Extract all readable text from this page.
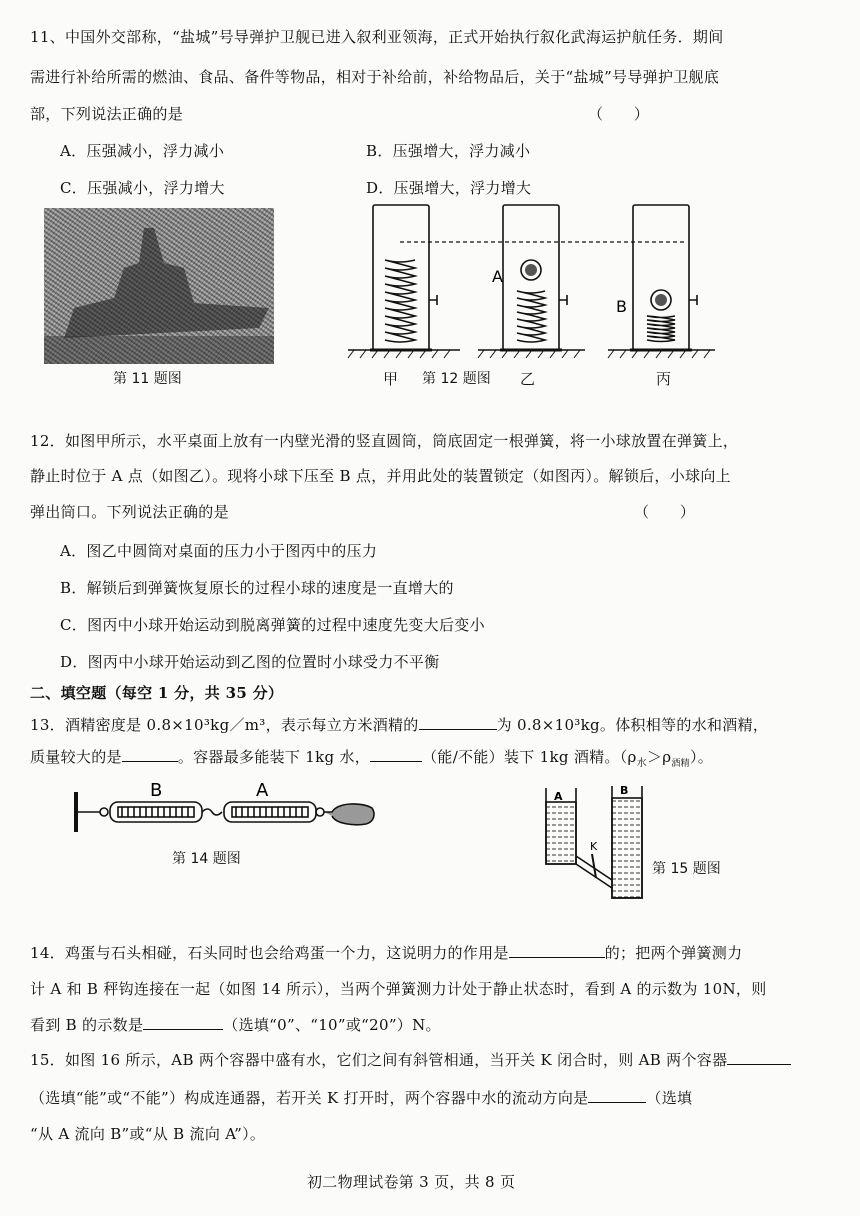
11、中国外交部称，“盐城”号导弹护卫舰已进入叙利亚领海，正式开始执行叙化武海运护航任务．期间
需进行补给所需的燃油、食品、备件等物品，相对于补给前，补给物品后，关于“盐城”号导弹护卫舰底
部，下列说法正确的是	（　　）
A．压强减小，浮力减小	B．压强增大，浮力减小
C．压强减小，浮力增大	D．压强增大，浮力增大
第 11 题图
A
B
甲 第 12 题图 乙	丙
12．如图甲所示，水平桌面上放有一内壁光滑的竖直圆筒，筒底固定一根弹簧，将一小球放置在弹簧上，
静止时位于 A 点（如图乙）。现将小球下压至 B 点，并用此处的装置锁定（如图丙）。解锁后，小球向上
弹出筒口。下列说法正确的是	（　　）
A．图乙中圆筒对桌面的压力小于图丙中的压力
B．解锁后到弹簧恢复原长的过程小球的速度是一直增大的
C．图丙中小球开始运动到脱离弹簧的过程中速度先变大后变小
D．图丙中小球开始运动到乙图的位置时小球受力不平衡
二、填空题（每空 1 分，共 35 分）
13．酒精密度是 0.8×10³kg／m³，表示每立方米酒精的	为 0.8×10³kg。体积相等的水和酒精，
质量较大的是	。容器最多能装下 1kg 水，	（能/不能）装下 1kg 酒精。$(\rho_水>\rho_{酒精})$。
B	A
第 14 题图
A	B
K
第 15 题图
14．鸡蛋与石头相碰，石头同时也会给鸡蛋一个力，这说明力的作用是	的；把两个弹簧测力
计 A 和 B 秤钩连接在一起（如图 14 所示），当两个弹簧测力计处于静止状态时，看到 A 的示数为 10N，则
看到 B 的示数是	（选填“0”、“10”或“20”）N。
15．如图 16 所示，AB 两个容器中盛有水，它们之间有斜管相通，当开关 K 闭合时，则 AB 两个容器
（选填“能”或“不能”）构成连通器，若开关 K 打开时，两个容器中水的流动方向是	（选填
“从 A 流向 B”或“从 B 流向 A”）。
初二物理试卷第 3 页，共 8 页
